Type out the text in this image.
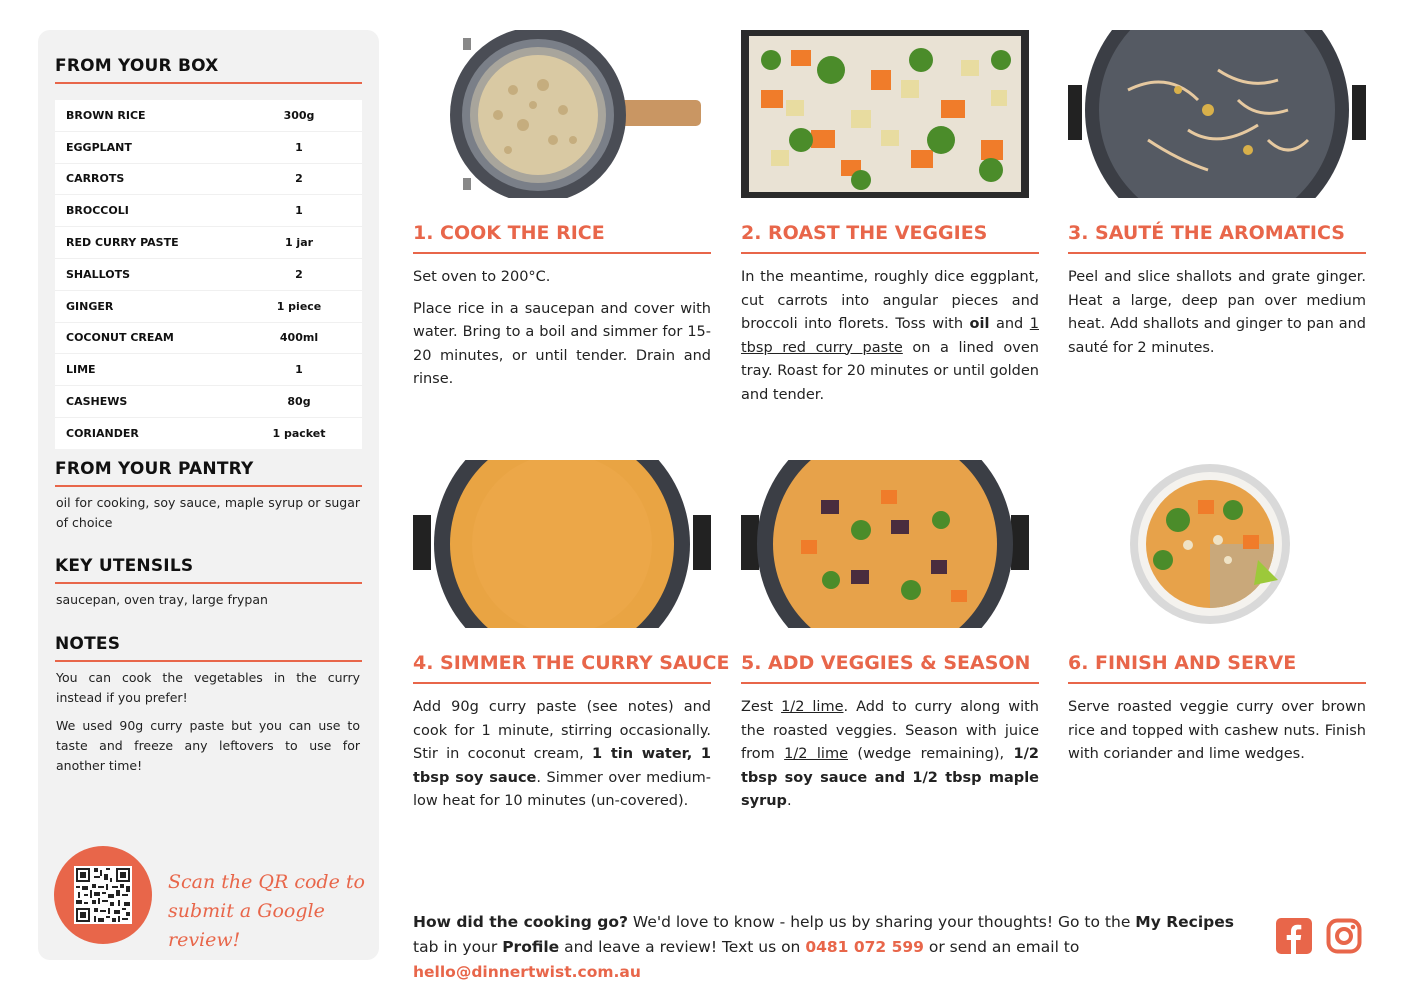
FROM YOUR BOX
BROWN RICE	300g
EGGPLANT	1
CARROTS	2
BROCCOLI	1
RED CURRY PASTE	1 jar
SHALLOTS	2
GINGER	1 piece
COCONUT CREAM	400ml
LIME	1
CASHEWS	80g
CORIANDER	1 packet
FROM YOUR PANTRY
oil for cooking, soy sauce, maple syrup or sugar of choice
KEY UTENSILS
saucepan, oven tray, large frypan
NOTES
You can cook the vegetables in the curry instead if you prefer!
We used 90g curry paste but you can use to taste and freeze any leftovers to use for another time!
Scan the QR code to
submit a Google review!
1. COOK THE RICE

Set oven to 200°C.

Place rice in a saucepan and cover with water. Bring to a boil and simmer for 15-20 minutes, or until tender. Drain and rinse.

2. ROAST THE VEGGIES

In the meantime, roughly dice eggplant, cut carrots into angular pieces and broccoli into florets. Toss with oil and 1 tbsp red curry paste on a lined oven tray. Roast for 20 minutes or until golden and tender.

3. SAUTÉ THE AROMATICS

Peel and slice shallots and grate ginger. Heat a large, deep pan over medium heat. Add shallots and ginger to pan and sauté for 2 minutes.

4. SIMMER THE CURRY SAUCE

Add 90g curry paste (see notes) and cook for 1 minute, stirring occasionally. Stir in coconut cream, 1 tin water, 1 tbsp soy sauce. Simmer over medium-low heat for 10 minutes (un-covered).

5. ADD VEGGIES & SEASON

Zest 1/2 lime. Add to curry along with the roasted veggies. Season with juice from 1/2 lime (wedge remaining), 1/2 tbsp soy sauce and 1/2 tbsp maple syrup.

6. FINISH AND SERVE

Serve roasted veggie curry over brown rice and topped with cashew nuts. Finish with coriander and lime wedges.

How did the cooking go? We'd love to know - help us by sharing your thoughts! Go to the My Recipes tab in your Profile and leave a review! Text us on 0481 072 599 or send an email to hello@dinnertwist.com.au
